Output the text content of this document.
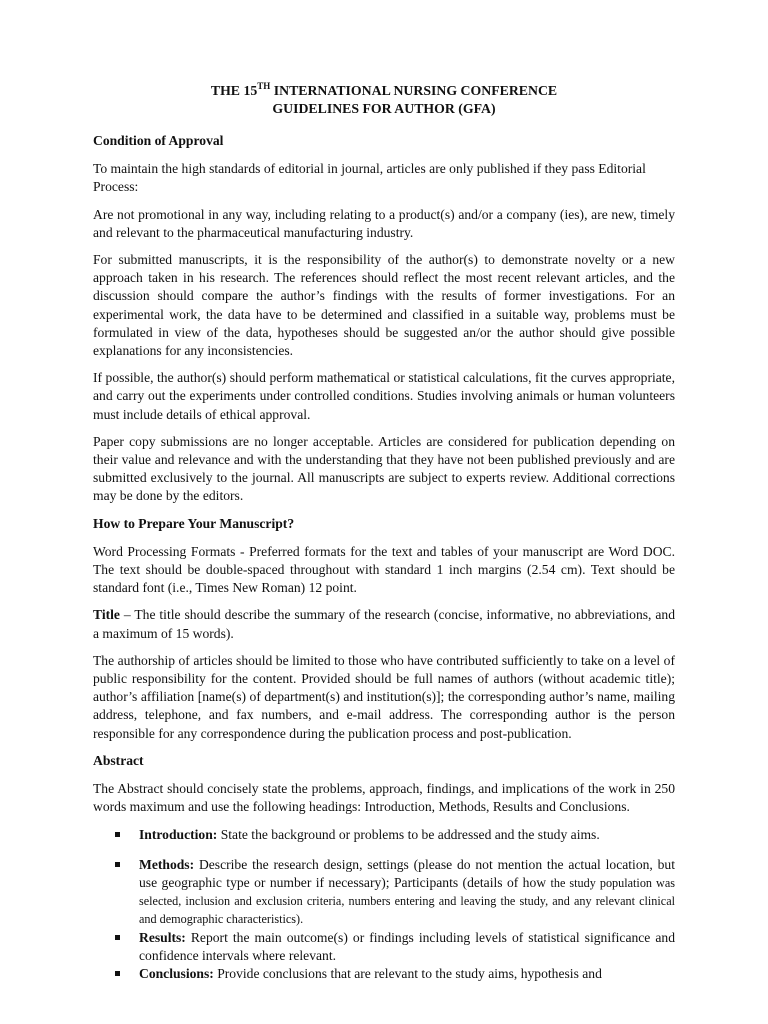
THE 15TH INTERNATIONAL NURSING CONFERENCE
GUIDELINES FOR AUTHOR (GFA)
Condition of Approval

To maintain the high standards of editorial in journal, articles are only published if they pass Editorial Process:

Are not promotional in any way, including relating to a product(s) and/or a company (ies), are new, timely and relevant to the pharmaceutical manufacturing industry.

For submitted manuscripts, it is the responsibility of the author(s) to demonstrate novelty or a new approach taken in his research. The references should reflect the most recent relevant articles, and the discussion should compare the author’s findings with the results of former investigations. For an experimental work, the data have to be determined and classified in a suitable way, problems must be formulated in view of the data, hypotheses should be suggested an/or the author should give possible explanations for any inconsistencies.

If possible, the author(s) should perform mathematical or statistical calculations, fit the curves appropriate, and carry out the experiments under controlled conditions. Studies involving animals or human volunteers must include details of ethical approval.

Paper copy submissions are no longer acceptable. Articles are considered for publication depending on their value and relevance and with the understanding that they have not been published previously and are submitted exclusively to the journal. All manuscripts are subject to experts review. Additional corrections may be done by the editors.

How to Prepare Your Manuscript?

Word Processing Formats - Preferred formats for the text and tables of your manuscript are Word DOC. The text should be double-spaced throughout with standard 1 inch margins (2.54 cm). Text should be standard font (i.e., Times New Roman) 12 point.

Title – The title should describe the summary of the research (concise, informative, no abbreviations, and a maximum of 15 words).

The authorship of articles should be limited to those who have contributed sufficiently to take on a level of public responsibility for the content. Provided should be full names of authors (without academic title); author’s affiliation [name(s) of department(s) and institution(s)]; the corresponding author’s name, mailing address, telephone, and fax numbers, and e-mail address. The corresponding author is the person responsible for any correspondence during the publication process and post-publication.

Abstract

The Abstract should concisely state the problems, approach, findings, and implications of the work in 250 words maximum and use the following headings: Introduction, Methods, Results and Conclusions.

Introduction: State the background or problems to be addressed and the study aims.
Methods: Describe the research design, settings (please do not mention the actual location, but use geographic type or number if necessary); Participants (details of how the study population was selected, inclusion and exclusion criteria, numbers entering and leaving the study, and any relevant clinical and demographic characteristics).
Results: Report the main outcome(s) or findings including levels of statistical significance and confidence intervals where relevant.
Conclusions: Provide conclusions that are relevant to the study aims, hypothesis and
